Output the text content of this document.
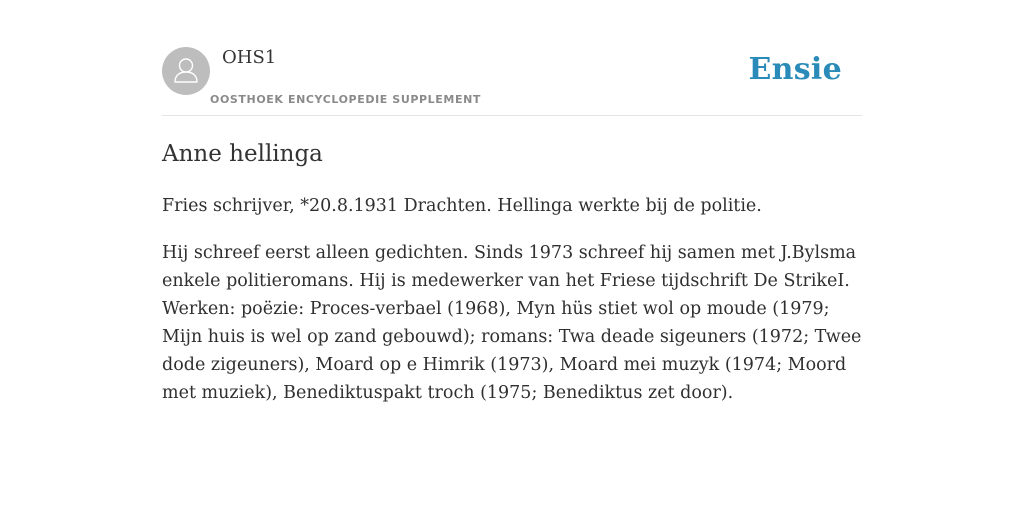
OHS1
OOSTHOEK ENCYCLOPEDIE SUPPLEMENT
Ensie
Anne hellinga

Fries schrijver, *20.8.1931 Drachten. Hellinga werkte bij de politie.

Hij schreef eerst alleen gedichten. Sinds 1973 schreef hij samen met J.Bylsma enkele politieromans. Hij is medewerker van het Friese tijdschrift De StrikeI. Werken: poëzie: Proces-verbael (1968), Myn hüs stiet wol op moude (1979; Mijn huis is wel op zand gebouwd); romans: Twa deade sigeuners (1972; Twee dode zigeuners), Moard op e Himrik (1973), Moard mei muzyk (1974; Moord met muziek), Benediktuspakt troch (1975; Benediktus zet door).
